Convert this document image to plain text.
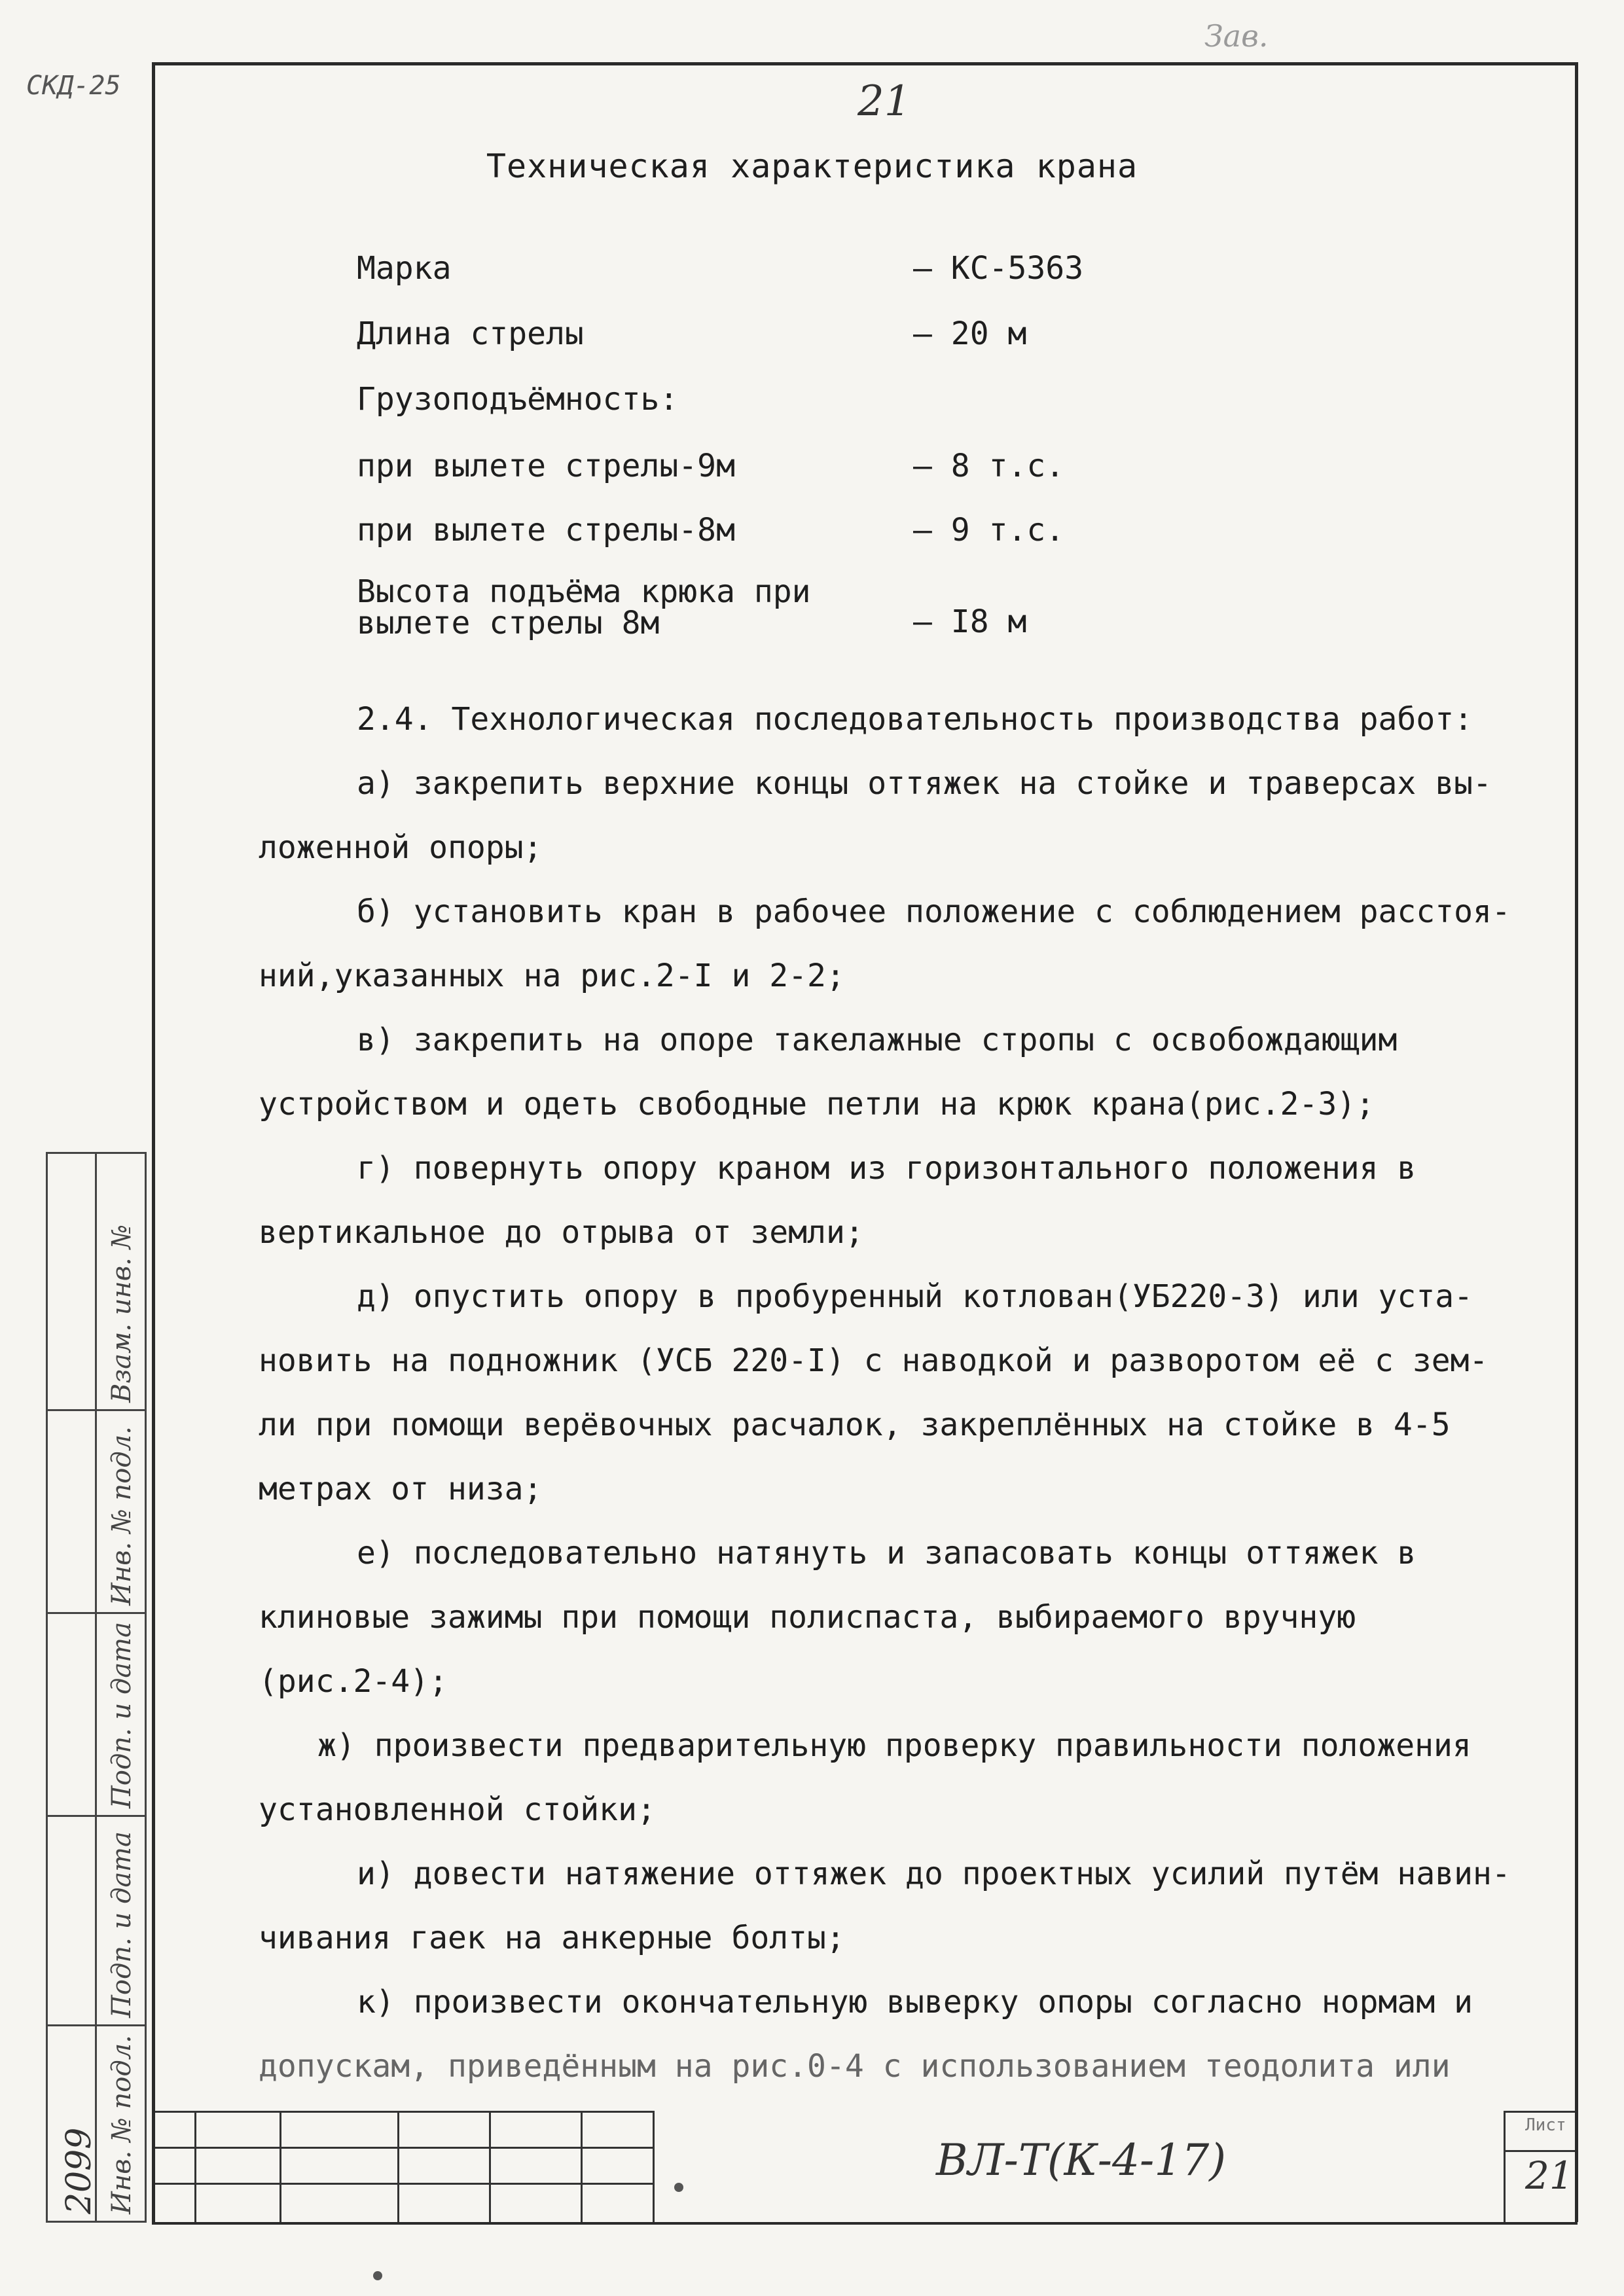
Зав.
СКД-25	21
Техническая характеристика крана
Марка	– КС-5363
Длина стрелы	– 20 м
Грузоподъёмность:
при вылете стрелы-9м	– 8 т.с.
при вылете стрелы-8м	– 9 т.с.
Высота подъёма крюка при
вылете стрелы 8м	– I8 м
2.4. Технологическая последовательность производства работ:
а) закрепить верхние концы оттяжек на стойке и траверсах вы-
ложенной опоры;
б) установить кран в рабочее положение с соблюдением расстоя-
ний,указанных на рис.2-I и 2-2;
в) закрепить на опоре такелажные стропы с освобождающим
устройством и одеть свободные петли на крюк крана(рис.2-3);
г) повернуть опору краном из горизонтального положения в
вертикальное до отрыва от земли;
д) опустить опору в пробуренный котлован(УБ220-3) или уста-
новить на подножник (УСБ 220-I) с наводкой и разворотом её с зем-
ли при помощи верёвочных расчалок, закреплённых на стойке в 4-5
метрах от низа;
е) последовательно натянуть и запасовать концы оттяжек в
клиновые зажимы при помощи полиспаста, выбираемого вручную
(рис.2-4);
ж) произвести предварительную проверку правильности положения
установленной стойки;
и) довести натяжение оттяжек до проектных усилий путём навин-
чивания гаек на анкерные болты;
к) произвести окончательную выверку опоры согласно нормам и
допускам, приведённым на рис.0-4 с использованием теодолита или
Взам. инв. №
Инв. № подл.
Подп. и дата
Подп. и дата
Инв. № подл.
2099	ВЛ-Т(К-4-17)
Лист
21
